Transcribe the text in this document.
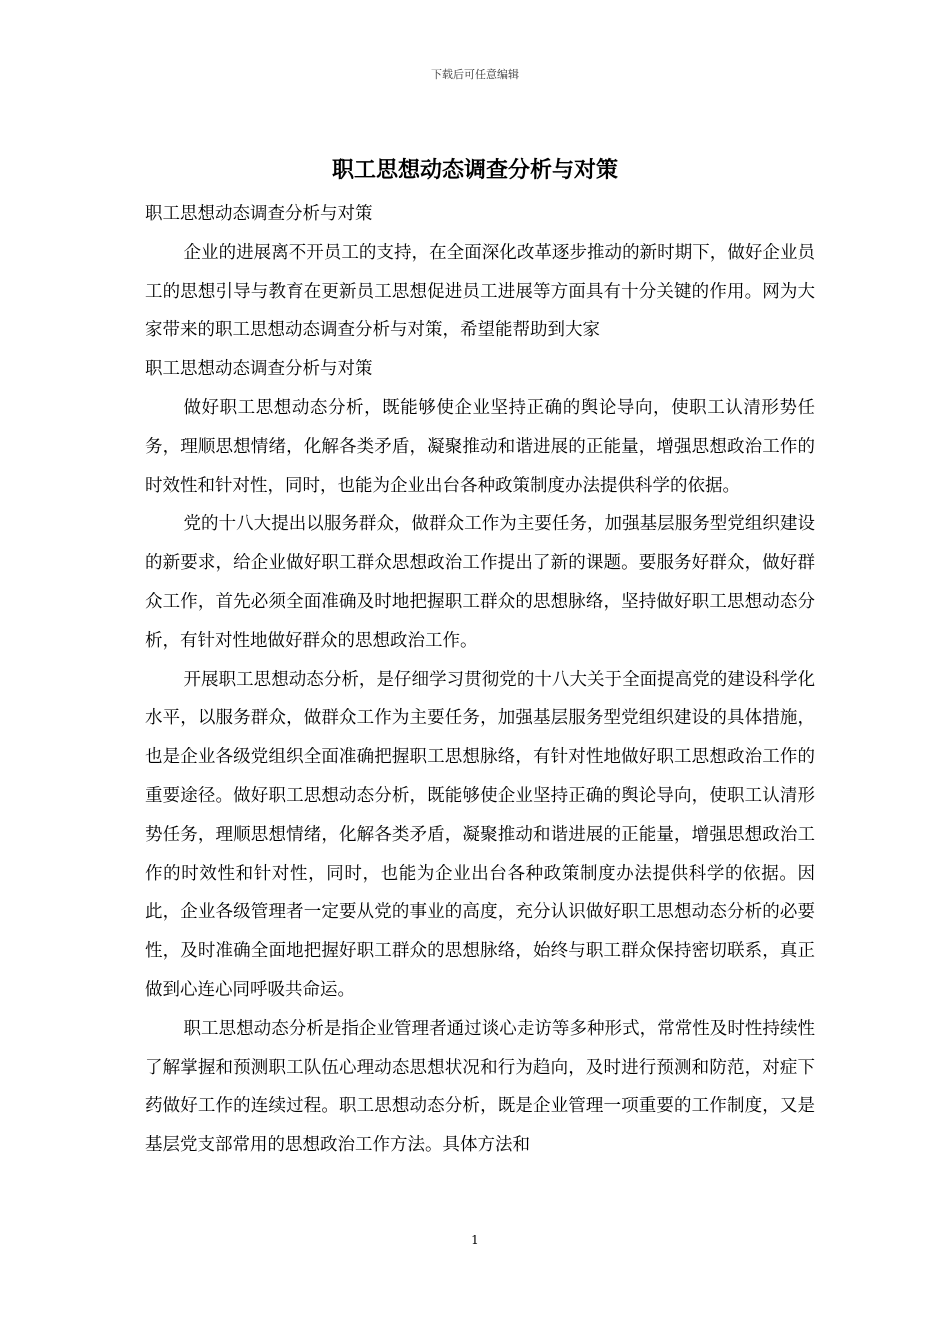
下载后可任意编辑
职工思想动态调查分析与对策

职工思想动态调查分析与对策

企业的进展离不开员工的支持，在全面深化改革逐步推动的新时期下，做好企业员工的思想引导与教育在更新员工思想促进员工进展等方面具有十分关键的作用。网为大家带来的职工思想动态调查分析与对策，希望能帮助到大家

职工思想动态调查分析与对策

做好职工思想动态分析，既能够使企业坚持正确的舆论导向，使职工认清形势任务，理顺思想情绪，化解各类矛盾，凝聚推动和谐进展的正能量，增强思想政治工作的时效性和针对性，同时，也能为企业出台各种政策制度办法提供科学的依据。

党的十八大提出以服务群众，做群众工作为主要任务，加强基层服务型党组织建设的新要求，给企业做好职工群众思想政治工作提出了新的课题。要服务好群众，做好群众工作，首先必须全面准确及时地把握职工群众的思想脉络，坚持做好职工思想动态分析，有针对性地做好群众的思想政治工作。

开展职工思想动态分析，是仔细学习贯彻党的十八大关于全面提高党的建设科学化水平，以服务群众，做群众工作为主要任务，加强基层服务型党组织建设的具体措施，也是企业各级党组织全面准确把握职工思想脉络，有针对性地做好职工思想政治工作的重要途径。做好职工思想动态分析，既能够使企业坚持正确的舆论导向，使职工认清形势任务，理顺思想情绪，化解各类矛盾，凝聚推动和谐进展的正能量，增强思想政治工作的时效性和针对性，同时，也能为企业出台各种政策制度办法提供科学的依据。因此，企业各级管理者一定要从党的事业的高度，充分认识做好职工思想动态分析的必要性，及时准确全面地把握好职工群众的思想脉络，始终与职工群众保持密切联系，真正做到心连心同呼吸共命运。

职工思想动态分析是指企业管理者通过谈心走访等多种形式，常常性及时性持续性了解掌握和预测职工队伍心理动态思想状况和行为趋向，及时进行预测和防范，对症下药做好工作的连续过程。职工思想动态分析，既是企业管理一项重要的工作制度，又是基层党支部常用的思想政治工作方法。具体方法和

1
